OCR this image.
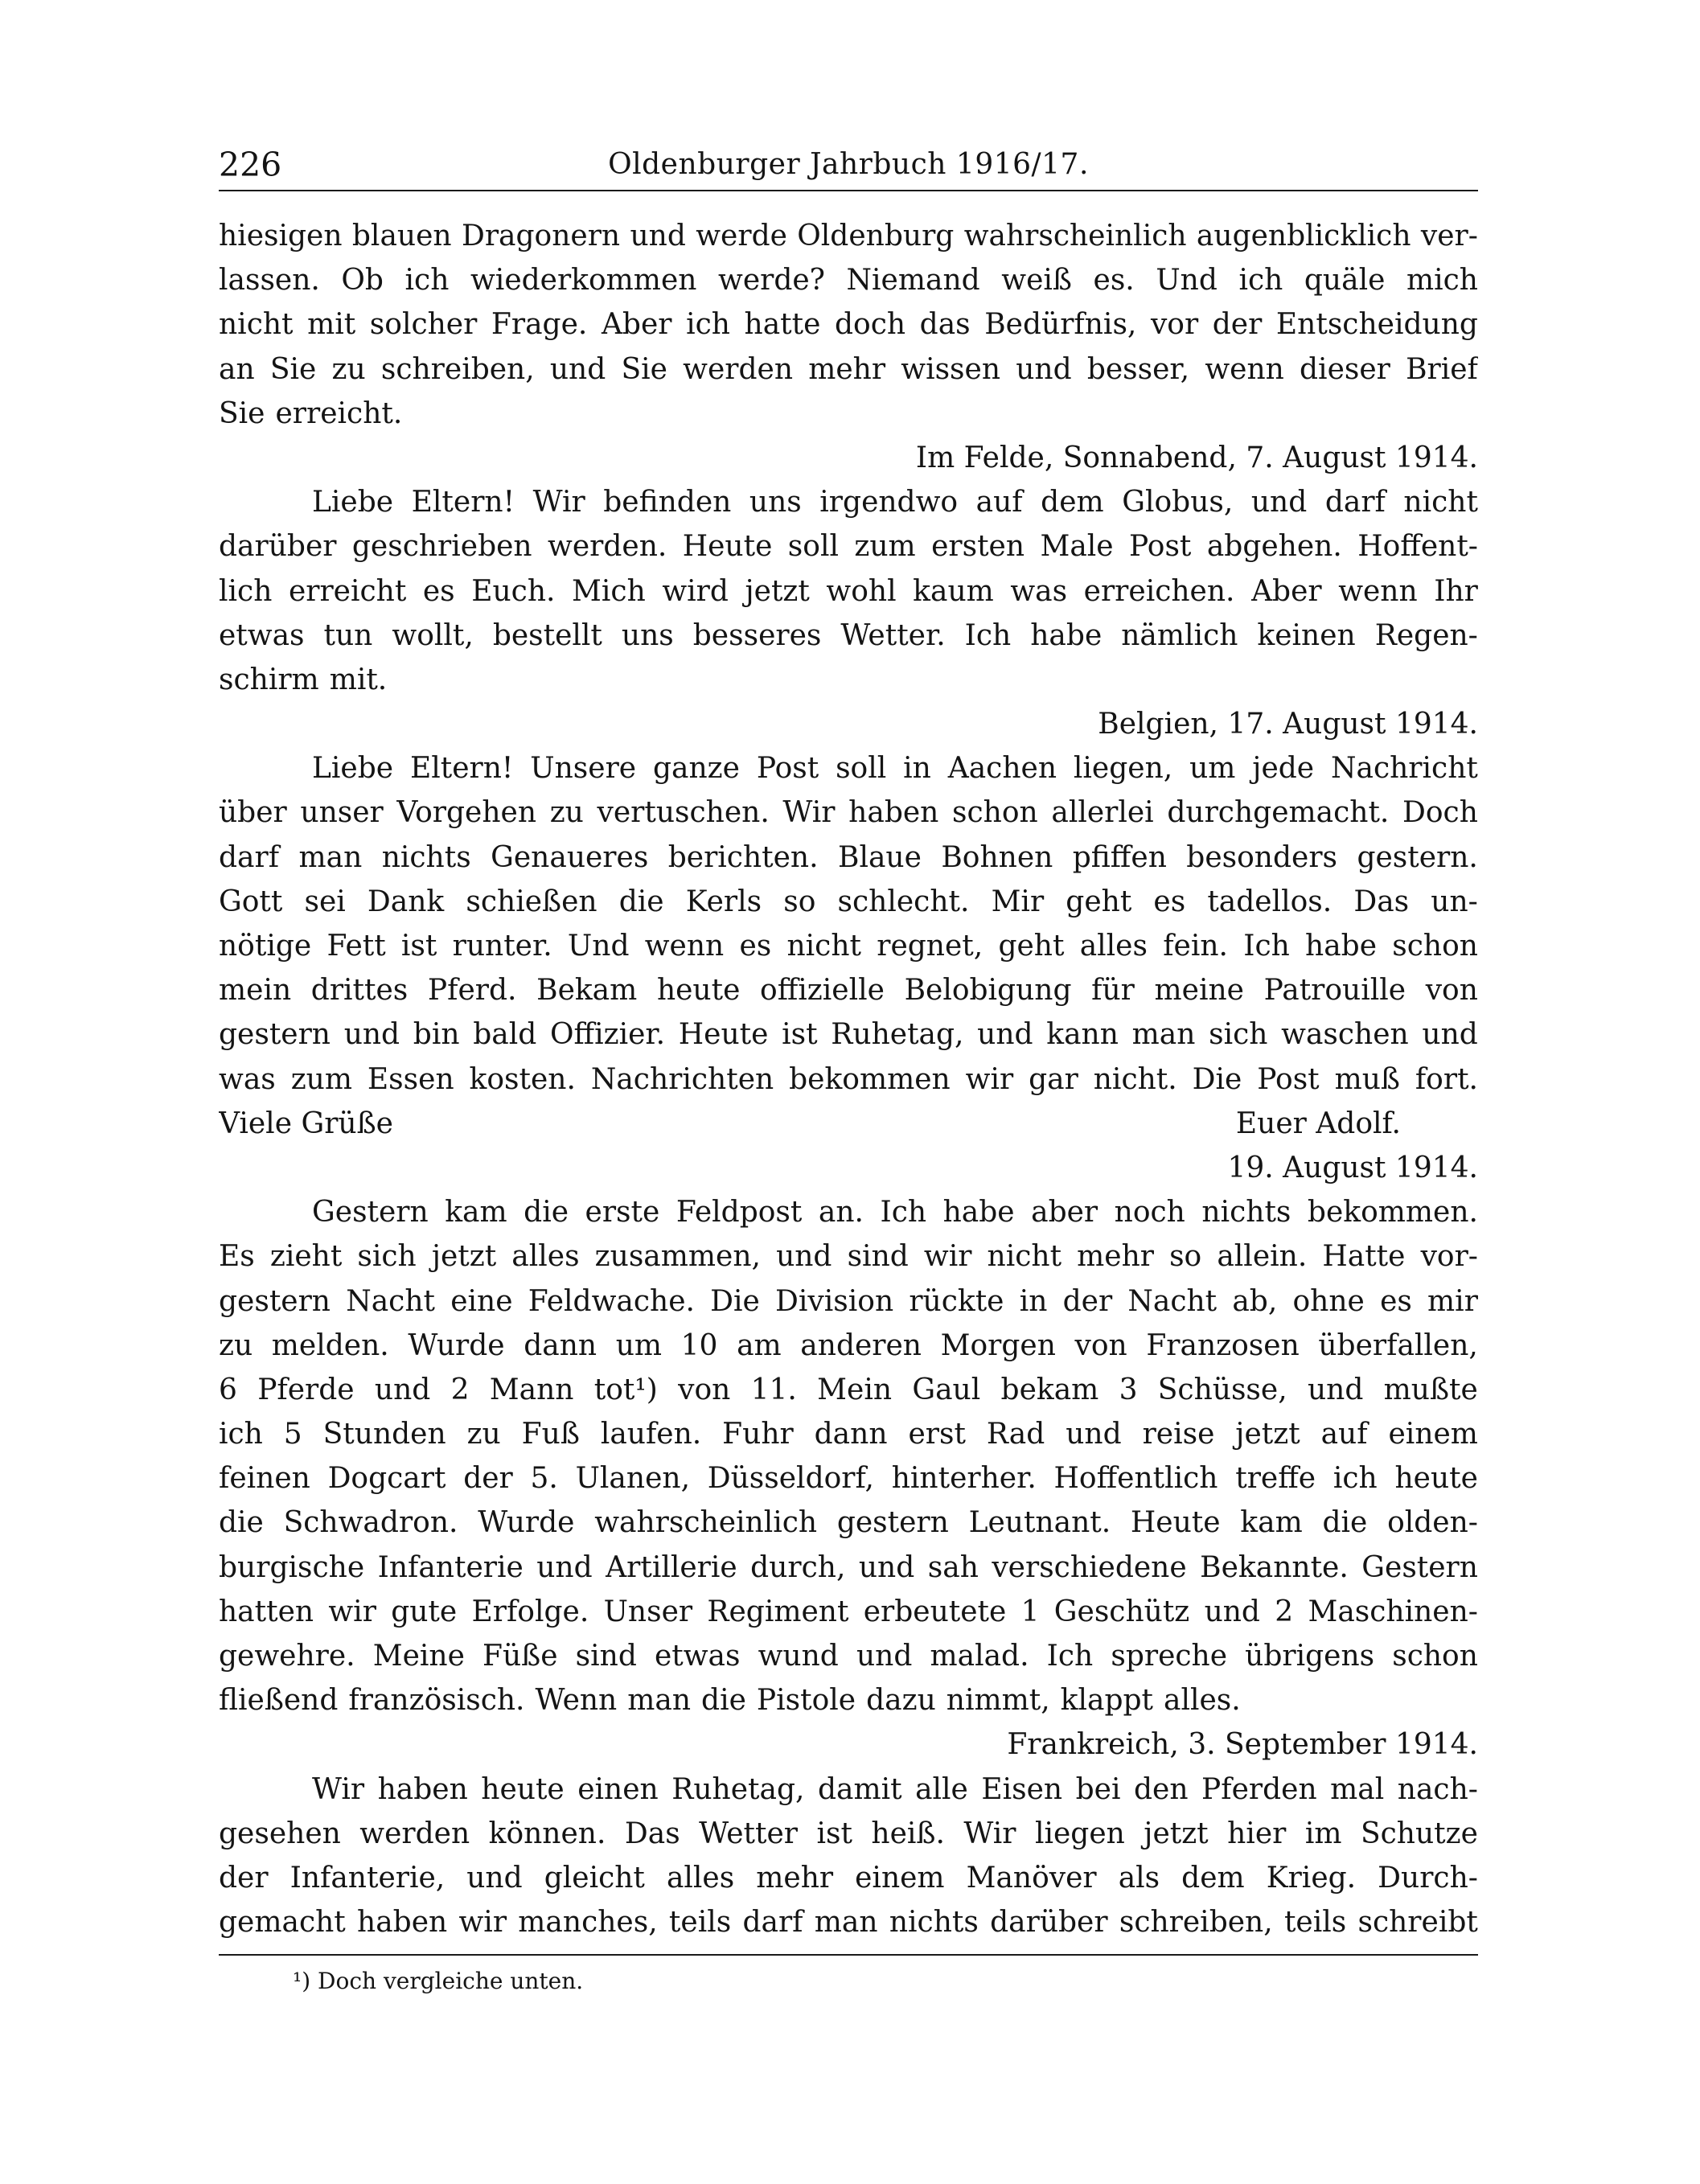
226	Oldenburger Jahrbuch 1916/17.
hiesigen blauen Dragonern und werde Oldenburg wahrscheinlich augenblicklich ver-
lassen. Ob ich wiederkommen werde? Niemand weiß es. Und ich quäle mich
nicht mit solcher Frage. Aber ich hatte doch das Bedürfnis, vor der Entscheidung
an Sie zu schreiben, und Sie werden mehr wissen und besser, wenn dieser Brief
Sie erreicht.
Im Felde, Sonnabend, 7. August 1914.
Liebe Eltern! Wir befinden uns irgendwo auf dem Globus, und darf nicht
darüber geschrieben werden. Heute soll zum ersten Male Post abgehen. Hoffent-
lich erreicht es Euch. Mich wird jetzt wohl kaum was erreichen. Aber wenn Ihr
etwas tun wollt, bestellt uns besseres Wetter. Ich habe nämlich keinen Regen-
schirm mit.
Belgien, 17. August 1914.
Liebe Eltern! Unsere ganze Post soll in Aachen liegen, um jede Nachricht
über unser Vorgehen zu vertuschen. Wir haben schon allerlei durchgemacht. Doch
darf man nichts Genaueres berichten. Blaue Bohnen pfiffen besonders gestern.
Gott sei Dank schießen die Kerls so schlecht. Mir geht es tadellos. Das un-
nötige Fett ist runter. Und wenn es nicht regnet, geht alles fein. Ich habe schon
mein drittes Pferd. Bekam heute offizielle Belobigung für meine Patrouille von
gestern und bin bald Offizier. Heute ist Ruhetag, und kann man sich waschen und
was zum Essen kosten. Nachrichten bekommen wir gar nicht. Die Post muß fort.
Viele Grüße	Euer Adolf.
19. August 1914.
Gestern kam die erste Feldpost an. Ich habe aber noch nichts bekommen.
Es zieht sich jetzt alles zusammen, und sind wir nicht mehr so allein. Hatte vor-
gestern Nacht eine Feldwache. Die Division rückte in der Nacht ab, ohne es mir
zu melden. Wurde dann um 10 am anderen Morgen von Franzosen überfallen,
6 Pferde und 2 Mann tot¹) von 11. Mein Gaul bekam 3 Schüsse, und mußte
ich 5 Stunden zu Fuß laufen. Fuhr dann erst Rad und reise jetzt auf einem
feinen Dogcart der 5. Ulanen, Düsseldorf, hinterher. Hoffentlich treffe ich heute
die Schwadron. Wurde wahrscheinlich gestern Leutnant. Heute kam die olden-
burgische Infanterie und Artillerie durch, und sah verschiedene Bekannte. Gestern
hatten wir gute Erfolge. Unser Regiment erbeutete 1 Geschütz und 2 Maschinen-
gewehre. Meine Füße sind etwas wund und malad. Ich spreche übrigens schon
fließend französisch. Wenn man die Pistole dazu nimmt, klappt alles.
Frankreich, 3. September 1914.
Wir haben heute einen Ruhetag, damit alle Eisen bei den Pferden mal nach-
gesehen werden können. Das Wetter ist heiß. Wir liegen jetzt hier im Schutze
der Infanterie, und gleicht alles mehr einem Manöver als dem Krieg. Durch-
gemacht haben wir manches, teils darf man nichts darüber schreiben, teils schreibt
¹) Doch vergleiche unten.
